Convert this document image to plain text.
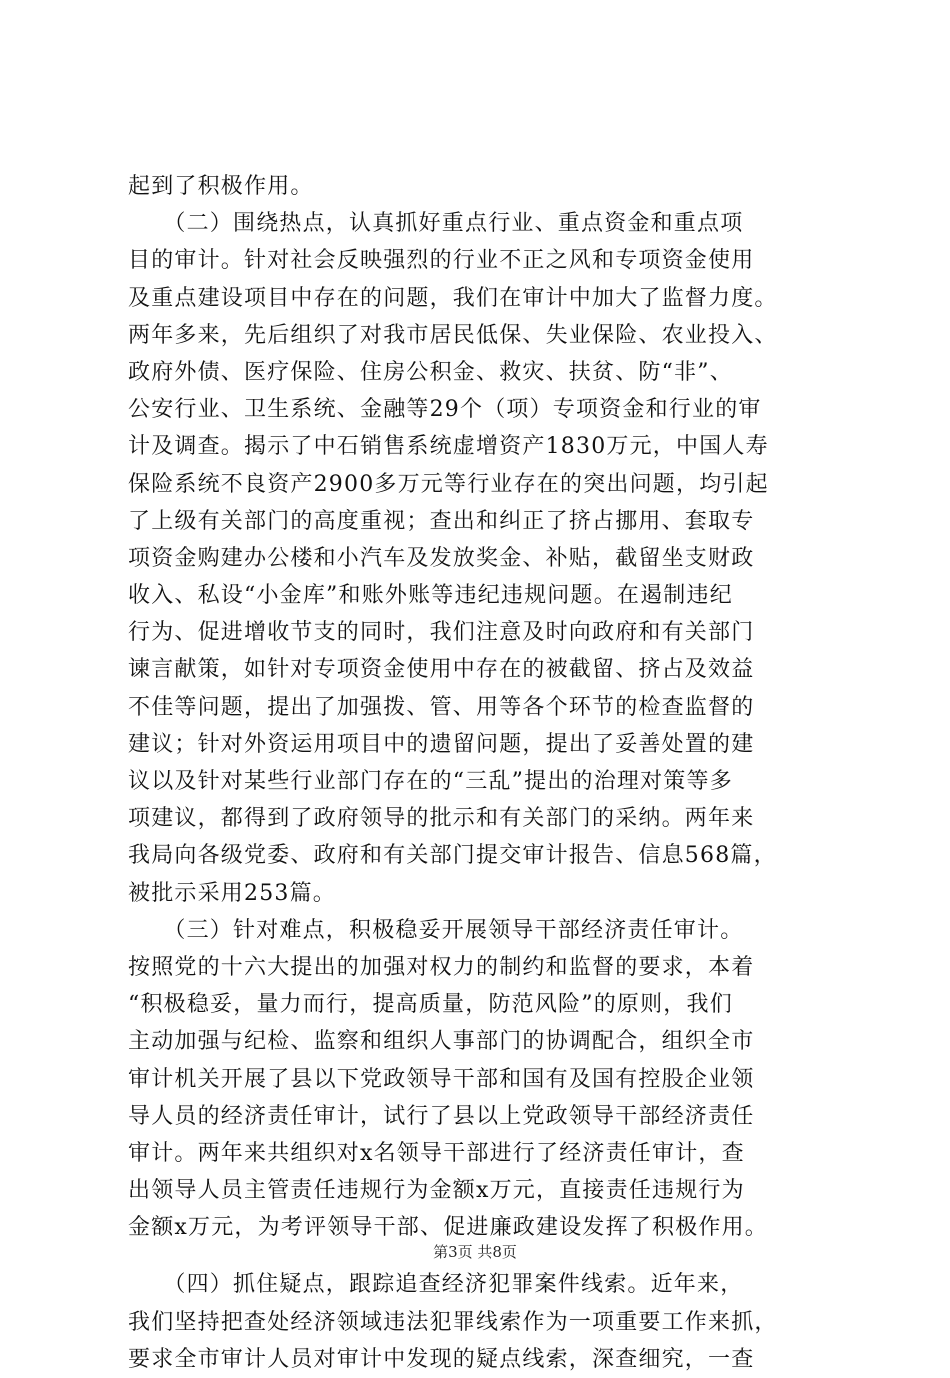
起到了积极作用。
　　（二）围绕热点，认真抓好重点行业、重点资金和重点项
目的审计。针对社会反映强烈的行业不正之风和专项资金使用
及重点建设项目中存在的问题，我们在审计中加大了监督力度。
两年多来，先后组织了对我市居民低保、失业保险、农业投入、
政府外债、医疗保险、住房公积金、救灾、扶贫、防“非”、
公安行业、卫生系统、金融等29个（项）专项资金和行业的审
计及调查。揭示了中石销售系统虚增资产1830万元，中国人寿
保险系统不良资产2900多万元等行业存在的突出问题，均引起
了上级有关部门的高度重视；查出和纠正了挤占挪用、套取专
项资金购建办公楼和小汽车及发放奖金、补贴，截留坐支财政
收入、私设“小金库”和账外账等违纪违规问题。在遏制违纪
行为、促进增收节支的同时，我们注意及时向政府和有关部门
谏言献策，如针对专项资金使用中存在的被截留、挤占及效益
不佳等问题，提出了加强拨、管、用等各个环节的检查监督的
建议；针对外资运用项目中的遗留问题，提出了妥善处置的建
议以及针对某些行业部门存在的“三乱”提出的治理对策等多
项建议，都得到了政府领导的批示和有关部门的采纳。两年来
我局向各级党委、政府和有关部门提交审计报告、信息568篇，
被批示采用253篇。
　　（三）针对难点，积极稳妥开展领导干部经济责任审计。
按照党的十六大提出的加强对权力的制约和监督的要求，本着
“积极稳妥，量力而行，提高质量，防范风险”的原则，我们
主动加强与纪检、监察和组织人事部门的协调配合，组织全市
审计机关开展了县以下党政领导干部和国有及国有控股企业领
导人员的经济责任审计，试行了县以上党政领导干部经济责任
审计。两年来共组织对x名领导干部进行了经济责任审计，查
出领导人员主管责任违规行为金额x万元，直接责任违规行为
金额x万元，为考评领导干部、促进廉政建设发挥了积极作用。
　　（四）抓住疑点，跟踪追查经济犯罪案件线索。近年来，
我们坚持把查处经济领域违法犯罪线索作为一项重要工作来抓，
要求全市审计人员对审计中发现的疑点线索，深查细究，一查
第3页 共8页
